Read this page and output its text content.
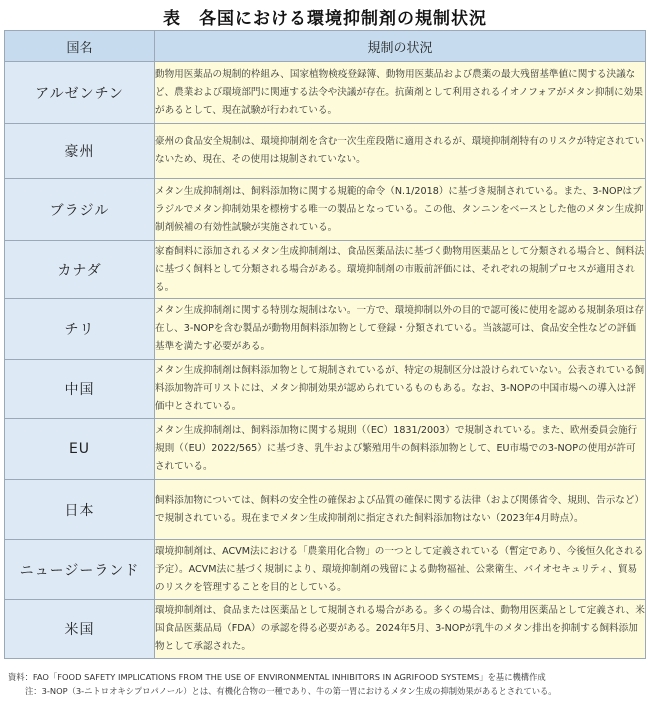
表　各国における環境抑制剤の規制状況
国名	規制の状況
アルゼンチン	動物用医薬品の規制的枠組み、国家植物検疫登録簿、動物用医薬品および農薬の最大残留基準値に関する決議など、農業および環境部門に関連する法令や決議が存在。抗菌剤として利用されるイオノフォアがメタン抑制に効果があるとして、現在試験が行われている。
豪州	豪州の食品安全規制は、環境抑制剤を含む一次生産段階に適用されるが、環境抑制剤特有のリスクが特定されていないため、現在、その使用は規制されていない。
ブラジル	メタン生成抑制剤は、飼料添加物に関する規範的命令（N.1/2018）に基づき規制されている。また、3-NOPはブラジルでメタン抑制効果を標榜する唯一の製品となっている。この他、タンニンをベースとした他のメタン生成抑制剤候補の有効性試験が実施されている。
カナダ	家畜飼料に添加されるメタン生成抑制剤は、食品医薬品法に基づく動物用医薬品として分類される場合と、飼料法に基づく飼料として分類される場合がある。環境抑制剤の市販前評価には、それぞれの規制プロセスが適用される。
チリ	メタン生成抑制剤に関する特別な規制はない。一方で、環境抑制以外の目的で認可後に使用を認める規制条項は存在し、3-NOPを含む製品が動物用飼料添加物として登録・分類されている。当該認可は、食品安全性などの評価基準を満たす必要がある。
中国	メタン生成抑制剤は飼料添加物として規制されているが、特定の規制区分は設けられていない。公表されている飼料添加物許可リストには、メタン抑制効果が認められているものもある。なお、3-NOPの中国市場への導入は評価中とされている。
EU	メタン生成抑制剤は、飼料添加物に関する規則（（EC）1831/2003）で規制されている。また、欧州委員会施行規則（（EU）2022/565）に基づき、乳牛および繁殖用牛の飼料添加物として、EU市場での3-NOPの使用が許可されている。
日本	飼料添加物については、飼料の安全性の確保および品質の確保に関する法律（および関係省令、規則、告示など）で規制されている。現在までメタン生成抑制剤に指定された飼料添加物はない（2023年4月時点）。
ニュージーランド	環境抑制剤は、ACVM法における「農業用化合物」の一つとして定義されている（暫定であり、今後恒久化される予定）。ACVM法に基づく規制により、環境抑制剤の残留による動物福祉、公衆衛生、バイオセキュリティ、貿易のリスクを管理することを目的としている。
米国	環境抑制剤は、食品または医薬品として規制される場合がある。多くの場合は、動物用医薬品として定義され、米国食品医薬品局（FDA）の承認を得る必要がある。2024年5月、3-NOPが乳牛のメタン排出を抑制する飼料添加物として承認された。
資料：FAO「FOOD SAFETY IMPLICATIONS FROM THE USE OF ENVIRONMENTAL INHIBITORS IN AGRIFOOD SYSTEMS」を基に機構作成
注：3-NOP（3-ニトロオキシプロパノール）とは、有機化合物の一種であり、牛の第一胃におけるメタン生成の抑制効果があるとされている。
